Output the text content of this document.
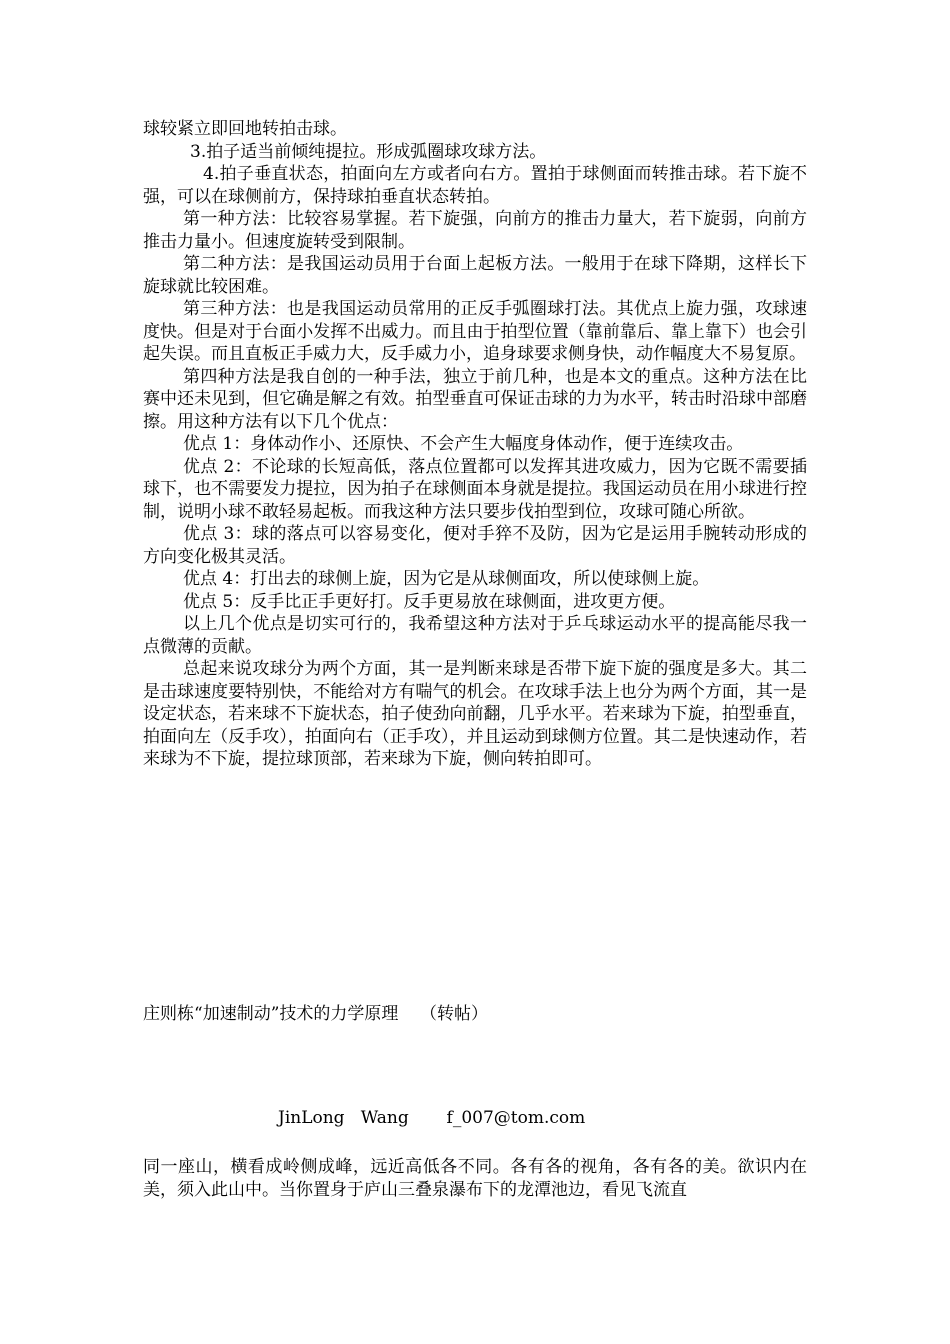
球较紧立即回地转拍击球。

3.拍子适当前倾纯提拉。形成弧圈球攻球方法。

4.拍子垂直状态，拍面向左方或者向右方。置拍于球侧面而转推击球。若下旋不强，可以在球侧前方，保持球拍垂直状态转拍。

第一种方法：比较容易掌握。若下旋强，向前方的推击力量大，若下旋弱，向前方推击力量小。但速度旋转受到限制。

第二种方法：是我国运动员用于台面上起板方法。一般用于在球下降期，这样长下旋球就比较困难。

第三种方法：也是我国运动员常用的正反手弧圈球打法。其优点上旋力强，攻球速度快。但是对于台面小发挥不出威力。而且由于拍型位置（靠前靠后、靠上靠下）也会引起失误。而且直板正手威力大，反手威力小，追身球要求侧身快，动作幅度大不易复原。

第四种方法是我自创的一种手法，独立于前几种，也是本文的重点。这种方法在比赛中还未见到，但它确是解之有效。拍型垂直可保证击球的力为水平，转击时沿球中部磨擦。用这种方法有以下几个优点：

优点 1：身体动作小、还原快、不会产生大幅度身体动作，便于连续攻击。

优点 2：不论球的长短高低，落点位置都可以发挥其进攻威力，因为它既不需要插球下，也不需要发力提拉，因为拍子在球侧面本身就是提拉。我国运动员在用小球进行控制，说明小球不敢轻易起板。而我这种方法只要步伐拍型到位，攻球可随心所欲。

优点 3：球的落点可以容易变化，便对手猝不及防，因为它是运用手腕转动形成的方向变化极其灵活。

优点 4：打出去的球侧上旋，因为它是从球侧面攻，所以使球侧上旋。

优点 5：反手比正手更好打。反手更易放在球侧面，进攻更方便。

以上几个优点是切实可行的，我希望这种方法对于乒乓球运动水平的提高能尽我一点微薄的贡献。

总起来说攻球分为两个方面，其一是判断来球是否带下旋下旋的强度是多大。其二是击球速度要特别快，不能给对方有喘气的机会。在攻球手法上也分为两个方面，其一是设定状态，若来球不下旋状态，拍子使劲向前翻，几乎水平。若来球为下旋，拍型垂直，拍面向左（反手攻），拍面向右（正手攻），并且运动到球侧方位置。其二是快速动作，若来球为不下旋，提拉球顶部，若来球为下旋，侧向转拍即可。

庄则栋“加速制动”技术的力学原理    （转帖）
JinLong   Wang       f_007@tom.com

同一座山，横看成岭侧成峰，远近高低各不同。各有各的视角，各有各的美。欲识内在美，须入此山中。当你置身于庐山三叠泉瀑布下的龙潭池边，看见飞流直
